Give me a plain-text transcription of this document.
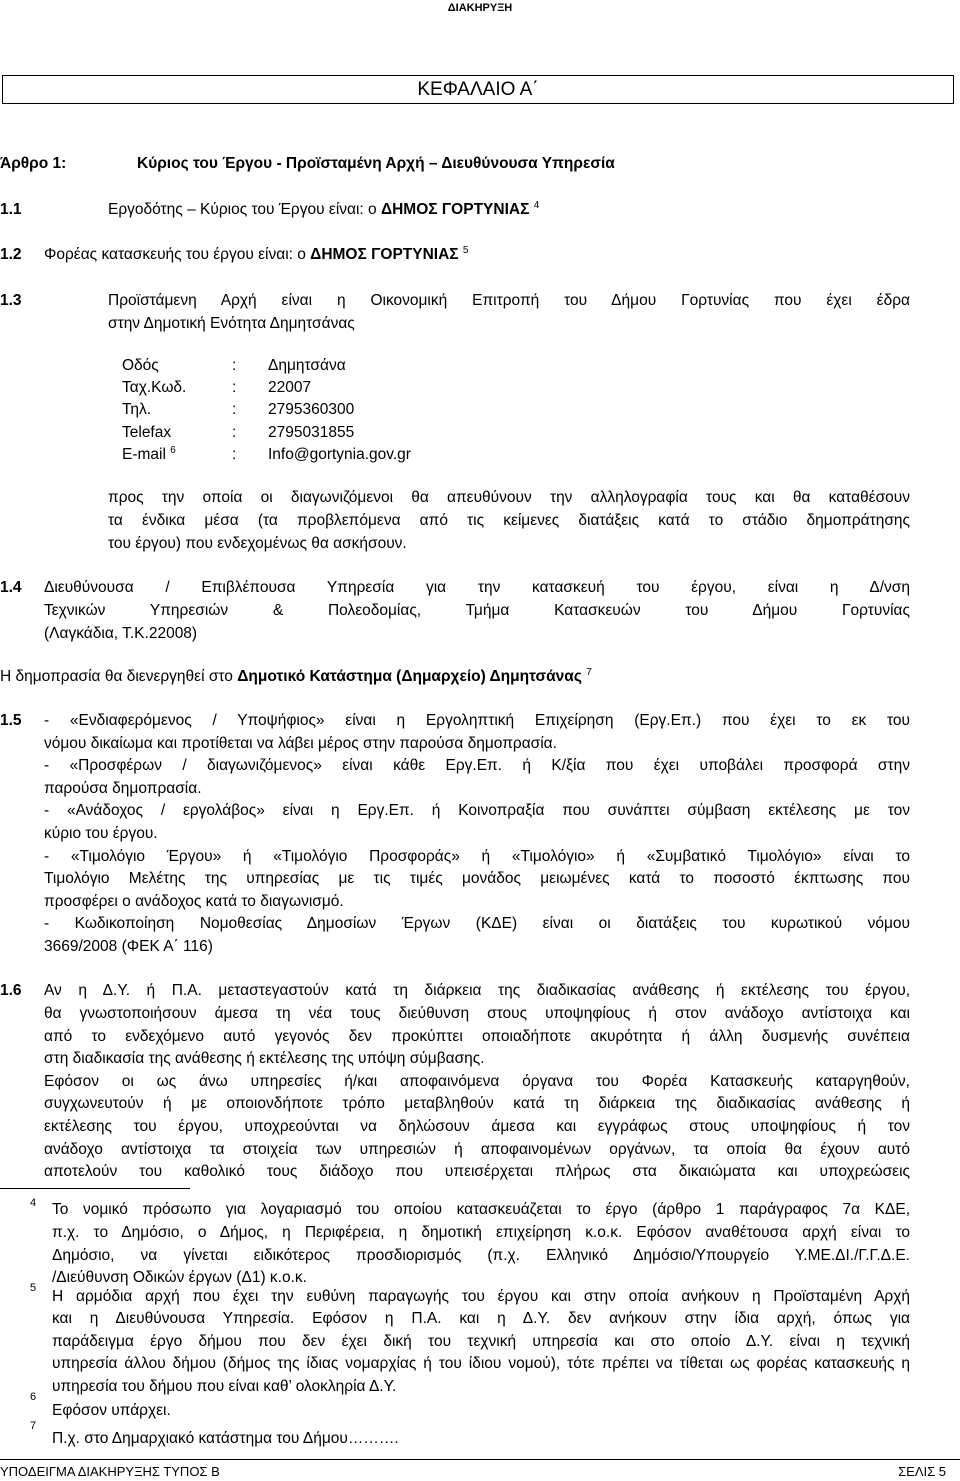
ΔΙΑΚΗΡΥΞΗ
ΚΕΦΑΛΑΙΟ Α΄
Άρθρο 1:	Κύριος του Έργου - Προϊσταμένη Αρχή – Διευθύνουσα Υπηρεσία
1.1	Εργοδότης – Κύριος του Έργου είναι: ο ΔΗΜΟΣ ΓΟΡΤΥΝΙΑΣ $^4$
1.2 Φορέας κατασκευής του έργου είναι: ο ΔΗΜΟΣ ΓΟΡΤΥΝΙΑΣ $^5$
1.3	Προϊστάμενη Αρχή είναι η Οικονομική Επιτροπή του Δήμου Γορτυνίας που έχει έδρα
στην Δημοτική Ενότητα Δημητσάνας
Οδός	: Δημητσάνα
Ταχ.Κωδ.	: 22007
Τηλ.	: 2795360300
Telefax	: 2795031855
E-mail $^6$	: Info@gortynia.gov.gr
προς την οποία οι διαγωνιζόμενοι θα απευθύνουν την αλληλογραφία τους και θα καταθέσουν
τα ένδικα μέσα (τα προβλεπόμενα από τις κείμενες διατάξεις κατά το στάδιο δημοπράτησης
του έργου) που ενδεχομένως θα ασκήσουν.
1.4 Διευθύνουσα / Επιβλέπουσα Υπηρεσία για την κατασκευή του έργου, είναι η Δ/νση
Τεχνικών Υπηρεσιών & Πολεοδομίας, Τμήμα Κατασκευών του Δήμου Γορτυνίας
(Λαγκάδια, Τ.Κ.22008)
Η δημοπρασία θα διενεργηθεί στο Δημοτικό Κατάστημα (Δημαρχείο) Δημητσάνας $^7$
1.5 - «Ενδιαφερόμενος / Υποψήφιος» είναι η Εργοληπτική Επιχείρηση (Εργ.Επ.) που έχει το εκ του
νόμου δικαίωμα και προτίθεται να λάβει μέρος στην παρούσα δημοπρασία.
- «Προσφέρων / διαγωνιζόμενος» είναι κάθε Εργ.Επ. ή Κ/ξία που έχει υποβάλει προσφορά στην
παρούσα δημοπρασία.
- «Ανάδοχος / εργολάβος» είναι η Εργ.Επ. ή Κοινοπραξία που συνάπτει σύμβαση εκτέλεσης με τον
κύριο του έργου.
- «Τιμολόγιο Έργου» ή «Τιμολόγιο Προσφοράς» ή «Τιμολόγιο» ή «Συμβατικό Τιμολόγιο» είναι το
Τιμολόγιο Μελέτης της υπηρεσίας με τις τιμές μονάδος μειωμένες κατά το ποσοστό έκπτωσης που
προσφέρει ο ανάδοχος κατά το διαγωνισμό.
- Κωδικοποίηση Νομοθεσίας Δημοσίων Έργων (ΚΔΕ) είναι οι διατάξεις του κυρωτικού νόμου
3669/2008 (ΦΕΚ Α΄ 116)
1.6 Αν η Δ.Υ. ή Π.Α. μεταστεγαστούν κατά τη διάρκεια της διαδικασίας ανάθεσης ή εκτέλεσης του έργου,
θα γνωστοποιήσουν άμεσα τη νέα τους διεύθυνση στους υποψηφίους ή στον ανάδοχο αντίστοιχα και
από το ενδεχόμενο αυτό γεγονός δεν προκύπτει οποιαδήποτε ακυρότητα ή άλλη δυσμενής συνέπεια
στη διαδικασία της ανάθεσης ή εκτέλεσης της υπόψη σύμβασης.
Εφόσον οι ως άνω υπηρεσίες ή/και αποφαινόμενα όργανα του Φορέα Κατασκευής καταργηθούν,
συγχωνευτούν ή με οποιονδήποτε τρόπο μεταβληθούν κατά τη διάρκεια της διαδικασίας ανάθεσης ή
εκτέλεσης του έργου, υποχρεούνται να δηλώσουν άμεσα και εγγράφως στους υποψηφίους ή τον
ανάδοχο αντίστοιχα τα στοιχεία των υπηρεσιών ή αποφαινομένων οργάνων, τα οποία θα έχουν αυτό
αποτελούν του καθολικό τους διάδοχο που υπεισέρχεται πλήρως στα δικαιώματα και υποχρεώσεις
4 Το νομικό πρόσωπο για λογαριασμό του οποίου κατασκευάζεται το έργο (άρθρο 1 παράγραφος 7α ΚΔΕ,
π.χ. το Δημόσιο, ο Δήμος, η Περιφέρεια, η δημοτική επιχείρηση κ.ο.κ. Εφόσον αναθέτουσα αρχή είναι το
Δημόσιο, να γίνεται ειδικότερος προσδιορισμός (π.χ. Ελληνικό Δημόσιο/Υπουργείο Υ.ΜΕ.ΔΙ./Γ.Γ.Δ.Ε.
/Διεύθυνση Οδικών έργων (Δ1) κ.ο.κ.
5 Η αρμόδια αρχή που έχει την ευθύνη παραγωγής του έργου και στην οποία ανήκουν η Προϊσταμένη Αρχή
και η Διευθύνουσα Υπηρεσία. Εφόσον η Π.Α. και η Δ.Υ. δεν ανήκουν στην ίδια αρχή, όπως για
παράδειγμα έργο δήμου που δεν έχει δική του τεχνική υπηρεσία και στο οποίο Δ.Υ. είναι η τεχνική
υπηρεσία άλλου δήμου (δήμος της ίδιας νομαρχίας ή του ίδιου νομού), τότε πρέπει να τίθεται ως φορέας κατασκευής η
υπηρεσία του δήμου που είναι καθ’ ολοκληρία Δ.Υ.
6
Εφόσον υπάρχει.
7
Π.χ. στο Δημαρχιακό κατάστημα του Δήμου……….
ΥΠΟΔΕΙΓΜΑ ΔΙΑΚΗΡΥΞΗΣ ΤΥΠΟΣ Β	ΣΕΛΙΣ 5
